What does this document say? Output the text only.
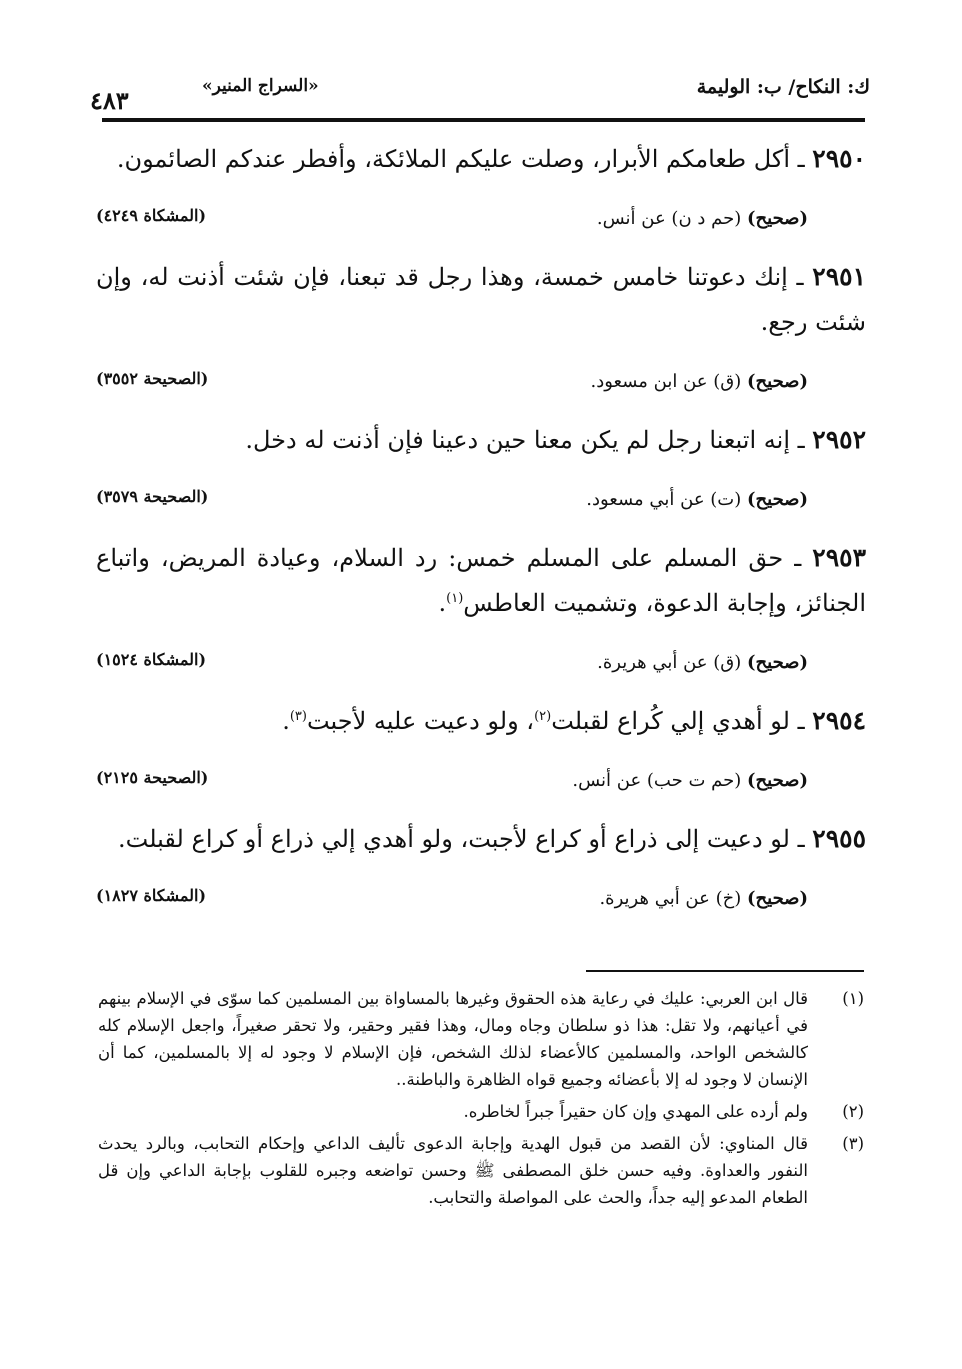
ك: النكاح/ ب: الوليمة
«السراج المنير»
٤٨٣

٢٩٥٠ ـ أكل طعامكم الأبرار، وصلت عليكم الملائكة، وأفطر عندكم الصائمون.

(صحيح) (حم د ن) عن أنس.
(المشكاة ٤٢٤٩)

٢٩٥١ ـ إنك دعوتنا خامس خمسة، وهذا رجل قد تبعنا، فإن شئت أذنت له، وإن شئت رجع.

(صحيح) (ق) عن ابن مسعود.
(الصحيحة ٣٥٥٢)

٢٩٥٢ ـ إنه اتبعنا رجل لم يكن معنا حين دعينا فإن أذنت له دخل.

(صحيح) (ت) عن أبي مسعود.
(الصحيحة ٣٥٧٩)

٢٩٥٣ ـ حق المسلم على المسلم خمس: رد السلام، وعيادة المريض، واتباع الجنائز، وإجابة الدعوة، وتشميت العاطس$^{(١)}$.

(صحيح) (ق) عن أبي هريرة.
(المشكاة ١٥٢٤)

٢٩٥٤ ـ لو أهدي إلي كُراع لقبلت$^{(٢)}$، ولو دعيت عليه لأجبت$^{(٣)}$.

(صحيح) (حم ت حب) عن أنس.
(الصحيحة ٢١٢٥)

٢٩٥٥ ـ لو دعيت إلى ذراع أو كراع لأجبت، ولو أهدي إلي ذراع أو كراع لقبلت.

(صحيح) (خ) عن أبي هريرة.
(المشكاة ١٨٢٧)
(١)
قال ابن العربي: عليك في رعاية هذه الحقوق وغيرها بالمساواة بين المسلمين كما سوّى في الإسلام بينهم في أعيانهم، ولا تقل: هذا ذو سلطان وجاه ومال، وهذا فقير وحقير، ولا تحقر صغيراً، واجعل الإسلام كله كالشخص الواحد، والمسلمين كالأعضاء لذلك الشخص، فإن الإسلام لا وجود له إلا بالمسلمين، كما أن الإنسان لا وجود له إلا بأعضائه وجميع قواه الظاهرة والباطنة..
(٢)
ولم أرده على المهدي وإن كان حقيراً جبراً لخاطره.
(٣)
قال المناوي: لأن القصد من قبول الهدية وإجابة الدعوى تأليف الداعي وإحكام التحابب، وبالرد يحدث النفور والعداوة. وفيه حسن خلق المصطفى ﷺ وحسن تواضعه وجبره للقلوب بإجابة الداعي وإن قل الطعام المدعو إليه جداً، والحث على المواصلة والتحابب.
